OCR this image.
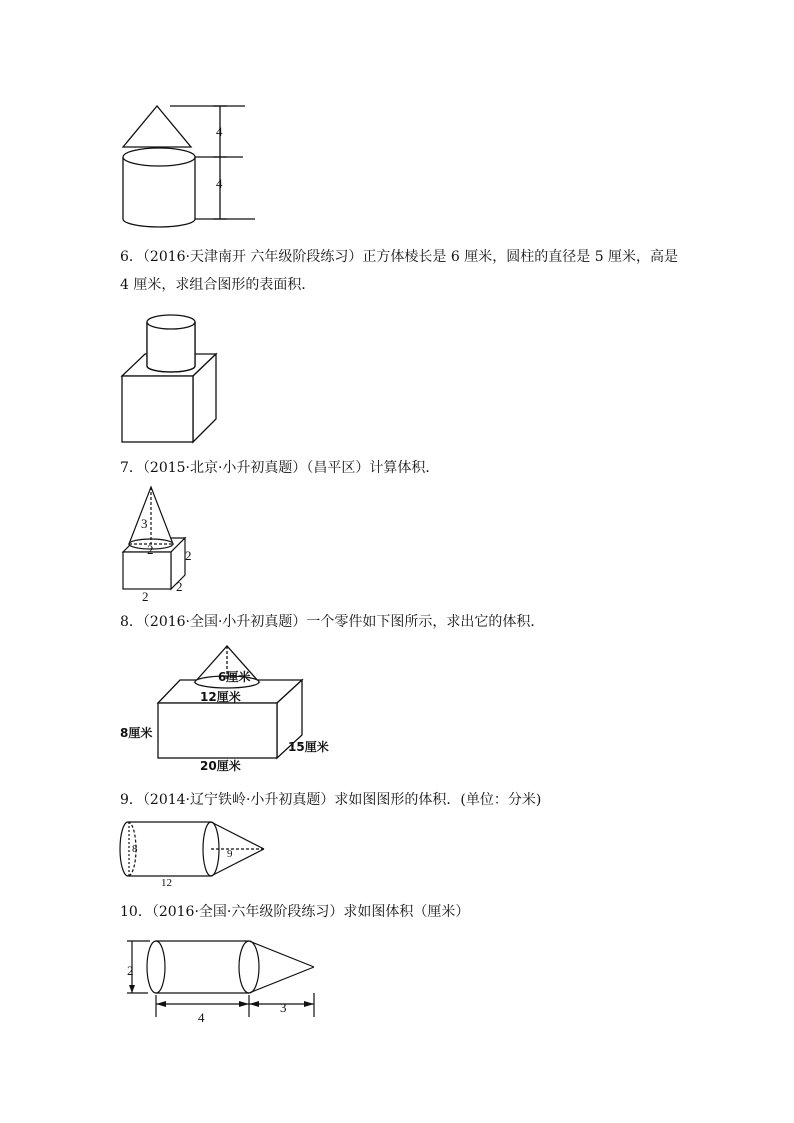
4
4

6．（2016·天津南开 六年级阶段练习）正方体棱长是 6 厘米，圆柱的直径是 5 厘米，高是
4 厘米，求组合图形的表面积．

7．（2015·北京·小升初真题）（昌平区）计算体积．

3
2 2
2
2

8．（2016·全国·小升初真题）一个零件如下图所示，求出它的体积．

6厘米
12厘米
8厘米
20厘米
15厘米

9．（2014·辽宁铁岭·小升初真题）求如图图形的体积．(单位：分米)

8	9
12

10．（2016·全国·六年级阶段练习）求如图体积（厘米）

2
4
3
